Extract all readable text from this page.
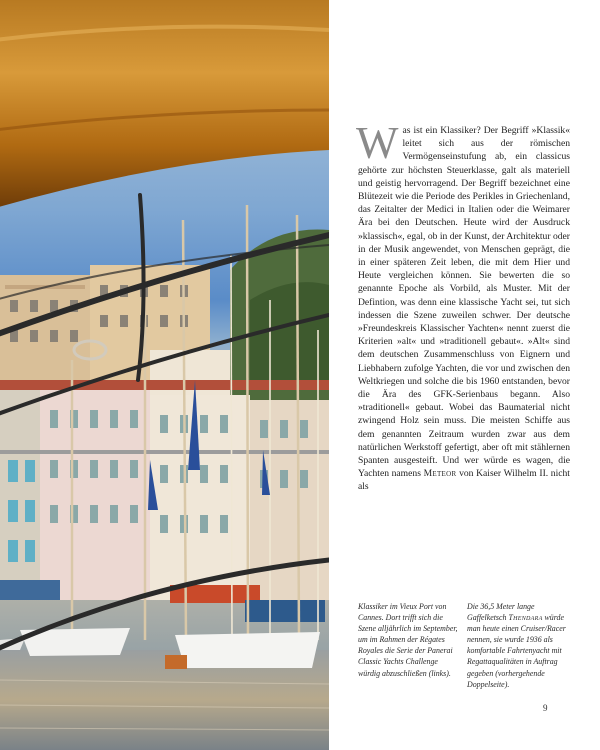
W as ist ein Klassiker? Der Begriff »Klassik« leitet sich aus der römischen Vermögenseinstufung ab, ein classicus gehörte zur höchsten Steuerklasse, galt als materiell und geistig hervorragend. Der Begriff bezeichnet eine Blütezeit wie die Periode des Perikles in Griechenland, das Zeitalter der Medici in Italien oder die Weimarer Ära bei den Deutschen. Heute wird der Ausdruck »klassisch«, egal, ob in der Kunst, der Architektur oder in der Musik angewendet, von Menschen geprägt, die in einer späteren Zeit leben, die mit dem Hier und Heute vergleichen können. Sie bewerten die so genannte Epoche als Vorbild, als Muster. Mit der Defintion, was denn eine klassische Yacht sei, tut sich indessen die Szene zuweilen schwer. Der deutsche »Freundeskreis Klassischer Yachten« nennt zuerst die Kriterien »alt« und »traditionell gebaut«. »Alt« sind dem deutschen Zusammenschluss von Eignern und Liebhabern zufolge Yachten, die vor und zwischen den Weltkriegen und solche die bis 1960 entstanden, bevor die Ära des GFK-Serienbaus begann. Also »traditionell« gebaut. Wobei das Baumaterial nicht zwingend Holz sein muss. Die meisten Schiffe aus dem genannten Zeitraum wurden zwar aus dem natürlichen Werkstoff gefertigt, aber oft mit stählernen Spanten ausgesteift. Und wer würde es wagen, die Yachten namens Meteor von Kaiser Wilhelm II. nicht als

Klassiker im Vieux Port von Cannes. Dort trifft sich die Szene alljährlich im September, um im Rahmen der Régates Royales die Serie der Panerai Classic Yachts Challenge würdig abzuschließen (links).
Die 36,5 Meter lange Gaffelketsch Thendara würde man heute einen Cruiser/Racer nennen, sie wurde 1936 als komfortable Fahrtenyacht mit Regattaqualitäten in Auftrag gegeben (vorhergehende Doppelseite).
9
